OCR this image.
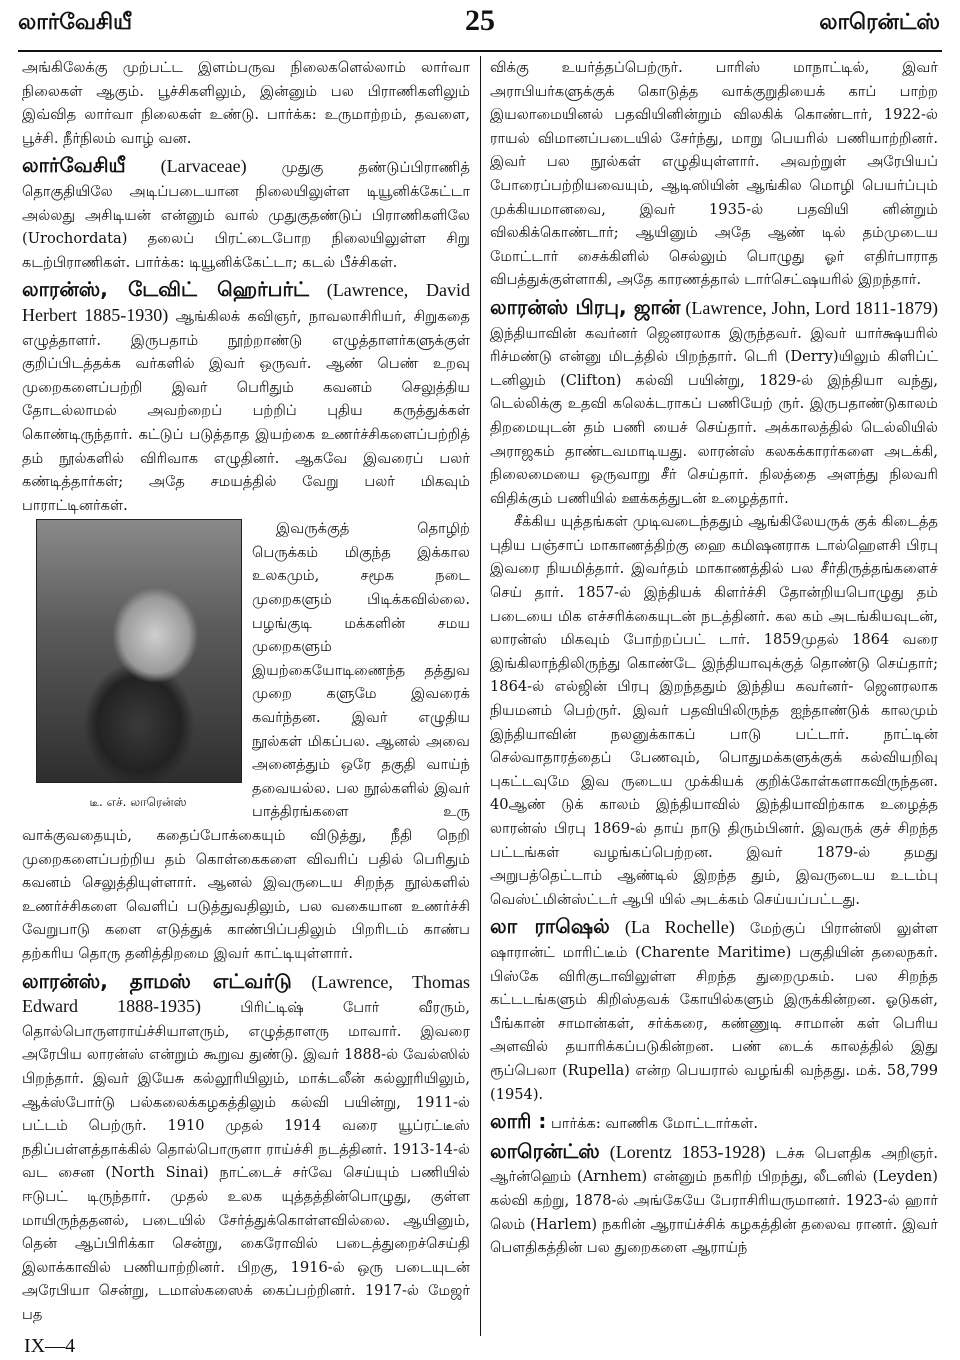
லார்வேசியீ	25	லாரென்ட்ஸ்

அங்கிலேக்கு முற்பட்ட இளம்பருவ நிலைகளெல்லாம் லார்வா நிலைகள் ஆகும். பூச்சிகளிலும், இன்னும் பல பிராணிகளிலும் இவ்வித லார்வா நிலைகள் உண்டு. பார்க்க: உருமாற்றம், தவளை, பூச்சி. நீர்நிலம் வாழ் வன.

லார்வேசியீ (Larvaceae) முதுகு தண்டுப்பிராணித் தொகுதியிலே அடிப்படையான நிலையிலுள்ள டியூனிக்கேட்டா அல்லது அசிடியன் என்னும் வால் முதுகுதண்டுப் பிராணிகளிலே (Urochordata) தலைப் பிரட்டைபோற நிலையிலுள்ள சிறு கடற்பிராணிகள். பார்க்க: டியூனிக்கேட்டா; கடல் பீச்சிகள்.

லாரன்ஸ், டேவிட் ஹெர்பர்ட் (Lawrence, David Herbert 1885-1930) ஆங்கிலக் கவிஞர், நாவலாசிரியர், சிறுகதை எழுத்தாளர். இருபதாம் நூற்றாண்டு எழுத்தாளர்களுக்குள் குறிப்பிடத்தக்க வர்களில் இவர் ஒருவர். ஆண் பெண் உறவு முறைகளைப்பற்றி இவர் பெரிதும் கவனம் செலுத்திய தோடல்லாமல் அவற்றைப் பற்றிப் புதிய கருத்துக்கள் கொண்டிருந்தார். கட்டுப் படுத்தாத இயற்கை உணர்ச்சிகளைப்பற்றித் தம் நூல்களில் விரிவாக எழுதினர். ஆகவே இவரைப் பலர் கண்டித்தார்கள்; அதே சமயத்தில் வேறு பலர் மிகவும் பாராட்டினர்கள்.

டீ. எச். லாரென்ஸ்

இவருக்குத் தொழிற் பெருக்கம் மிகுந்த இக்கால உலகமும், சமூக நடை முறைகளும் பிடிக்கவில்லை. பழங்குடி மக்களின் சமய முறைகளும் இயற்கையோடிணைந்த தத்துவ முறை களுமே இவரைக் கவர்ந்தன. இவர் எழுதிய நூல்கள் மிகப்பல. ஆனல் அவை அனைத்தும் ஒரே தகுதி வாய்ந் தவையல்ல. பல நூல்களில் இவர் பாத்திரங்களை உரு வாக்குவதையும், கதைப்போக்கையும் விடுத்து, நீதி நெறி முறைகளைப்பற்றிய தம் கொள்கைகளை விவரிப் பதில் பெரிதும் கவனம் செலுத்தியுள்ளார். ஆனல் இவருடைய சிறந்த நூல்களில் உணர்ச்சிகளை வெளிப் படுத்துவதிலும், பல வகையான உணர்ச்சி வேறுபாடு களை எடுத்துக் காண்பிப்பதிலும் பிறரிடம் காண்ப தற்கரிய தொரு தனித்திறமை இவர் காட்டியுள்ளார்.

லாரன்ஸ், தாமஸ் எட்வர்டு (Lawrence, Thomas Edward 1888-1935)	பிரிட்டிஷ் போர் வீரரும், தொல்பொருளராய்ச்சியாளரும், எழுத்தாளரு மாவார். இவரை அரேபிய லாரன்ஸ் என்றும் கூறுவ துண்டு. இவர் 1888-ல் வேல்ஸில் பிறந்தார். இவர் இயேசு கல்லூரியிலும், மாக்டலீன் கல்லூரியிலும், ஆக்ஸ்போர்டு பல்கலைக்கழகத்திலும் கல்வி பயின்று, 1911-ல் பட்டம் பெற்ருர். 1910 முதல் 1914 வரை யூப்ரட்டீஸ் நதிப்பள்ளத்தாக்கில் தொல்பொருளா ராய்ச்சி நடத்தினர். 1913-14-ல் வட சைன (North Sinai) நாட்டைச் சர்வே செய்யும் பணியில் ஈடுபட் டிருந்தார். முதல் உலக யுத்தத்தின்பொழுது, குள்ள மாயிருந்ததனல், படையில் சேர்த்துக்கொள்ளவில்லை. ஆயினும், தென் ஆப்பிரிக்கா சென்று, கைரோவில் படைத்துறைச்செய்தி இலாக்காவில் பணியாற்றினர். பிறகு, 1916-ல் ஒரு படையுடன் அரேபியா சென்று, டமாஸ்கஸைக் கைப்பற்றினர். 1917-ல் மேஜர் பத

விக்கு உயர்த்தப்பெற்ருர். பாரிஸ் மாநாட்டில், இவர் அராபியர்களுக்குக் கொடுத்த வாக்குறுதியைக் காப் பாற்ற இயலாமையினல் பதவியினின்றும் விலகிக் கொண்டார், 1922-ல் ராயல் விமானப்படையில் சேர்ந்து, மாறு பெயரில் பணியாற்றினர். இவர் பல நூல்கள் எழுதியுள்ளார். அவற்றுள் அரேபியப் போரைப்பற்றியவையும், ஆடிஸியின் ஆங்கில மொழி பெயர்ப்பும் முக்கியமானவை, இவர் 1935-ல் பதவியி னின்றும் விலகிக்கொண்டார்; ஆயினும் அதே ஆண் டில் தம்முடைய மோட்டார் சைக்கிளில் செல்லும் பொழுது ஓர் எதிர்பாராத விபத்துக்குள்ளாகி, அதே காரணத்தால் டார்செட்ஷயரில் இறந்தார்.

லாரன்ஸ் பிரபு, ஜான் (Lawrence, John, Lord 1811-1879) இந்தியாவின் கவர்னர் ஜெனரலாக இருந்தவர். இவர் யார்க்ஷயரில் ரிச்மண்டு என்னு மிடத்தில் பிறந்தார். டெரி (Derry)யிலும் கிளிப்ட் டனிலும் (Clifton) கல்வி பயின்று, 1829-ல் இந்தியா வந்து, டெல்லிக்கு உதவி கலெக்டராகப் பணியேற் ருர். இருபதாண்டுகாலம் திறமையுடன் தம் பணி யைச் செய்தார். அக்காலத்தில் டெல்லியில் அராஜகம் தாண்டவமாடியது. லாரன்ஸ் கலகக்காரர்களை அடக்கி, நிலைமையை ஒருவாறு சீர் செய்தார். நிலத்தை அளந்து நிலவரி விதிக்கும் பணியில் ஊக்கத்துடன் உழைத்தார்.

சீக்கிய யுத்தங்கள் முடிவடைந்ததும் ஆங்கிலேயருக் குக் கிடைத்த புதிய பஞ்சாப் மாகாணத்திற்கு ஹை கமிஷனராக டால்ஹௌசி பிரபு இவரை நியமித்தார். இவர்தம் மாகாணத்தில் பல சீர்திருத்தங்களைச் செய் தார். 1857-ல் இந்தியக் கிளர்ச்சி தோன்றியபொழுது தம் படையை மிக எச்சரிக்கையுடன் நடத்தினர். கல கம் அடங்கியவுடன், லாரன்ஸ் மிகவும் போற்றப்பட் டார். 1859முதல் 1864 வரை இங்கிலாந்திலிருந்து கொண்டே இந்தியாவுக்குத் தொண்டு செய்தார்; 1864-ல் எல்ஜின் பிரபு இறந்ததும் இந்திய கவர்னர்- ஜெனரலாக நியமனம் பெற்ருர். இவர் பதவியிலிருந்த ஐந்தாண்டுக் காலமும் இந்தியாவின் நலனுக்காகப் பாடு பட்டார். நாட்டின் செல்வாதாரத்தைப் பேணவும், பொதுமக்களுக்குக் கல்வியறிவு புகட்டவுமே இவ ருடைய முக்கியக் குறிக்கோள்களாகவிருந்தன. 40ஆண் டுக் காலம் இந்தியாவில் இந்தியாவிற்காக உழைத்த லாரன்ஸ் பிரபு 1869-ல் தாய் நாடு திரும்பினர். இவருக் குச் சிறந்த பட்டங்கள் வழங்கப்பெற்றன. இவர் 1879-ல் தமது அறுபத்தெட்டாம் ஆண்டில் இறந்த தும், இவருடைய உடம்பு வெஸ்ட்மின்ஸ்ட்டர் ஆபி யில் அடக்கம் செய்யப்பட்டது.

லா ராஷெல் (La Rochelle) மேற்குப் பிரான்ஸி லுள்ள ஷாரான்ட் மாரிட்டீம் (Charente Maritime) பகுதியின் தலைநகர். பிஸ்கே விரிகுடாவிலுள்ள சிறந்த துறைமுகம். பல சிறந்த கட்டடங்களும் கிறிஸ்தவக் கோயில்களும் இருக்கின்றன. ஓடுகள், பீங்கான் சாமான்கள், சர்க்கரை, கண்ணுடி சாமான் கள் பெரிய அளவில் தயாரிக்கப்படுகின்றன. பண் டைக் காலத்தில் இது ரூப்பெலா (Rupella) என்ற பெயரால் வழங்கி வந்தது. மக். 58,799 (1954).

லாரி : பார்க்க: வாணிக மோட்டார்கள்.

லாரென்ட்ஸ் (Lorentz 1853-1928) டச்சு பௌதிக அறிஞர். ஆர்ன்ஹெம் (Arnhem) என்னும் நகரிற் பிறந்து, லீடனில் (Leyden) கல்வி கற்று, 1878-ல் அங்கேயே பேராசிரியருமானர். 1923-ல் ஹார் லெம் (Harlem) நகரின் ஆராய்ச்சிக் கழகத்தின் தலைவ ரானர். இவர் பௌதிகத்தின் பல துறைகளை ஆராய்ந்

IX—4
